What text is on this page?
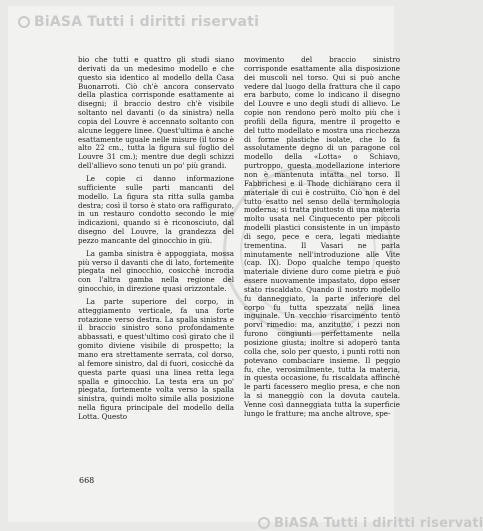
BiASA Tutti i diritti riservati

bio che tutti e quattro gli studi siano derivati da un medesimo modello e che questo sia identico al modello della Casa Buonarroti. Ciò ch'è ancora conservato della plastica corrisponde esattamente ai disegni; il braccio destro ch'è visibile soltanto nel davanti (o da sinistra) nella copia del Louvre è accennato soltanto con alcune leggere linee. Quest'ultima è anche esattamente uguale nelle misure (il torso è alto 22 cm., tutta la figura sul foglio del Louvre 31 cm.); mentre due degli schizzi dell'allievo sono tenuti un po' più grandi.

Le copie ci danno informazione sufficiente sulle parti mancanti del modello. La figura sta ritta sulla gamba destra; così il torso è stato ora raffigurato, in un restauro condotto secondo le mie indicazioni, quando si è riconosciuto, dal disegno del Louvre, la grandezza del pezzo mancante del ginocchio in giù.

La gamba sinistra è appoggiata, mossa più verso il davanti che di lato, fortemente piegata nel ginocchio, cosicchè incrocia con l'altra gamba nella regione del ginocchio, in direzione quasi orizzontale.

La parte superiore del corpo, in atteggiamento verticale, fa una forte rotazione verso destra. La spalla sinistra e il braccio sinistro sono profondamente abbassati, e quest'ultimo così girato che il gomito diviene visibile di prospetto; la mano era strettamente serrata, col dorso, al femore sinistro, dal di fuori, cosicchè da questa parte quasi una linea retta lega spalla e ginocchio. La testa era un po' piegata, fortemente volta verso la spalla sinistra, quindi molto simile alla posizione nella figura principale del modello della Lotta. Questo

movimento del braccio sinistro corrisponde esattamente alla disposizione dei muscoli nel torso. Qui si può anche vedere dal luogo della frattura che il capo era barbuto, come lo indicano il disegno del Louvre e uno degli studi di allievo. Le copie non rendono però molto più che i profili della figura, mentre il progetto e del tutto modellato e mostra una ricchezza di forme plastiche isolate, che lo fa assolutamente degno di un paragone col modello della «Lotta» o Schiavo, purtroppo, questa modellazione interiore non è mantenuta intatta nel torso. Il Fabbrichesi e il Thode dichiarano cera il materiale di cui è costruito. Ciò non è del tutto esatto nel senso della terminologia moderna; si tratta piuttosto di una materia molto usata nel Cinquecento per piccoli modelli plastici consistente in un impasto di sego, pece e cera, legati mediante trementina. Il Vasari ne parla minutamente nell'introduzione alle Vite (cap. IX). Dopo qualche tempo questo materiale diviene duro come pietra e può essere nuovamente impastato, dopo esser stato riscaldato. Quando il nostro modello fu danneggiato, la parte inferiore del corpo fu tutta spezzata nella linea inguinale. Un vecchio risarcimento tentò porvi rimedio: ma, anzitutto, i pezzi non furono congiunti perfettamente nella posizione giusta; inoltre si adoperò tanta colla che, solo per questo, i punti rotti non potevano combaciare insieme. Il peggio fu, che, verosimilmente, tutta la materia, in questa occasione, fu riscaldata affinchè le parti facessero meglio presa, e che non la si maneggiò con la dovuta cautela. Venne così danneggiata tutta la superficie lungo le fratture; ma anche altrove, spe-

668
BiASA Tutti i diritti riservati
